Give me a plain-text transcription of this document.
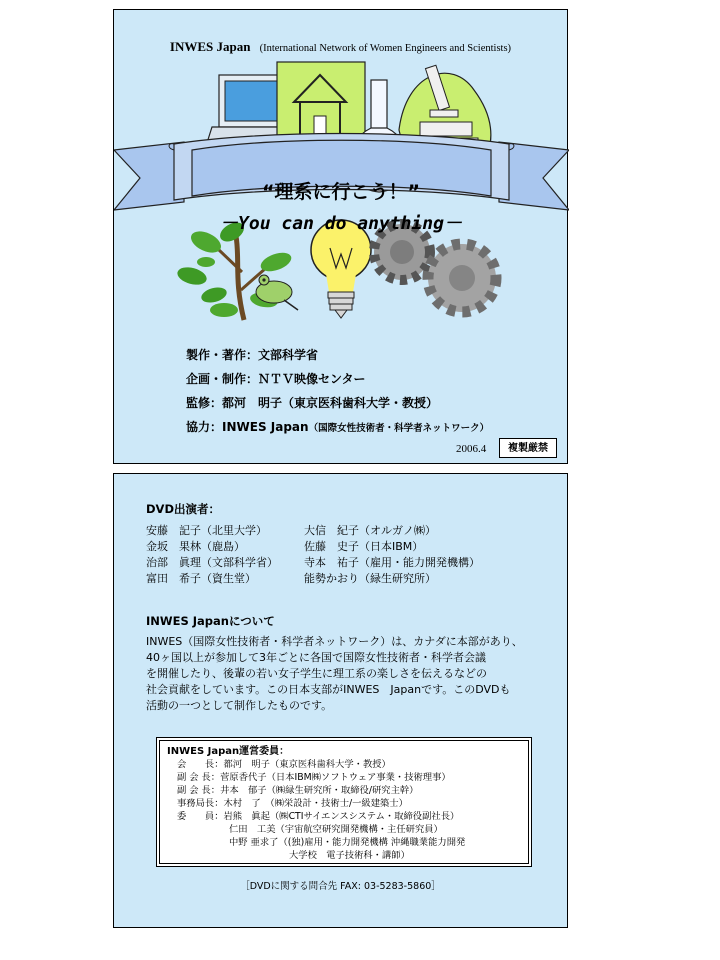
INWES Japan (International Network of Women Engineers and Scientists)
“理系に行こう！”
－You can do anything－
製作・著作：文部科学省
企画・制作：ＮＴＶ映像センター
監修：都河　明子（東京医科歯科大学・教授）
協力：INWES Japan（国際女性技術者・科学者ネットワーク）
2006.4	複製厳禁
DVD出演者：
安藤　記子（北里大学）	大信　紀子（オルガノ㈱）
金坂　果林（鹿島）	佐藤　史子（日本IBM）
治部　眞理（文部科学省） 寺本　祐子（雇用・能力開発機構）
富田　希子（資生堂）	能勢かおり（緑生研究所）
INWES Japanについて
INWES（国際女性技術者・科学者ネットワーク）は、カナダに本部があり、
40ヶ国以上が参加して3年ごとに各国で国際女性技術者・科学者会議
を開催したり、後輩の若い女子学生に理工系の楽しさを伝えるなどの
社会貢献をしています。この日本支部がINWES　Japanです。このDVDも
活動の一つとして制作したものです。
INWES Japan運営委員：
会　　長：都河　明子（東京医科歯科大学・教授）
副 会 長：菅原香代子（日本IBM㈱ソフトウェア事業・技術理事）
副 会 長：井本　郁子（㈱緑生研究所・取締役/研究主幹）
事務局長：木村　了　（㈱栄設計・技術士/一級建築士）
委　　員：岩熊　眞起（㈱CTIサイエンスシステム・取締役副社長）
仁田　工美（宇宙航空研究開発機構・主任研究員）
中野 亜求了（(独)雇用・能力開発機構 沖縄職業能力開発
大学校　電子技術科・講師）
［DVDに関する問合先 FAX: 03-5283-5860］
